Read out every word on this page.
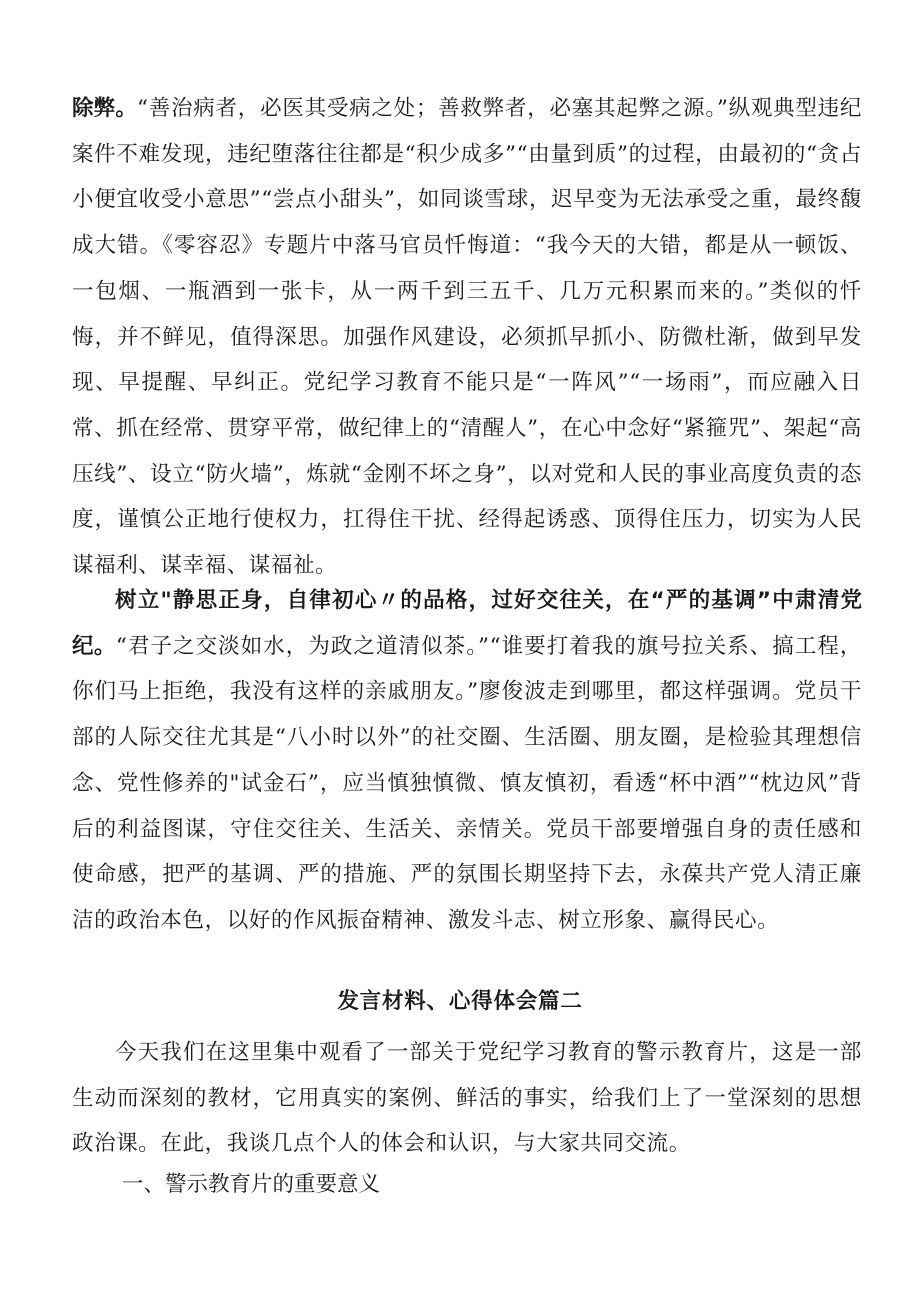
除弊。“善治病者，必医其受病之处；善救弊者，必塞其起弊之源。”纵观典型违纪案件不难发现，违纪堕落往往都是“积少成多”“由量到质”的过程，由最初的“贪占小便宜收受小意思”“尝点小甜头”，如同谈雪球，迟早变为无法承受之重，最终馥成大错。《零容忍》专题片中落马官员忏悔道：“我今天的大错，都是从一顿饭、一包烟、一瓶酒到一张卡，从一两千到三五千、几万元积累而来的。”类似的忏悔，并不鲜见，值得深思。加强作风建设，必须抓早抓小、防微杜渐，做到早发现、早提醒、早纠正。党纪学习教育不能只是“一阵风”“一场雨”，而应融入日常、抓在经常、贯穿平常，做纪律上的“清醒人”，在心中念好“紧箍咒”、架起“高压线”、设立“防火墙”，炼就“金刚不坏之身”，以对党和人民的事业高度负责的态度，谨慎公正地行使权力，扛得住干扰、经得起诱惑、顶得住压力，切实为人民谋福利、谋幸福、谋福祉。

树立"静思正身，自律初心〃的品格，过好交往关，在“严的基调”中肃清党纪。“君子之交淡如水，为政之道清似茶。”“谁要打着我的旗号拉关系、搞工程，你们马上拒绝，我没有这样的亲戚朋友。”廖俊波走到哪里，都这样强调。党员干部的人际交往尤其是“八小时以外”的社交圈、生活圈、朋友圈，是检验其理想信念、党性修养的"试金石”，应当慎独慎微、慎友慎初，看透“杯中酒”“枕边风”背后的利益图谋，守住交往关、生活关、亲情关。党员干部要增强自身的责任感和使命感，把严的基调、严的措施、严的氛围长期坚持下去，永葆共产党人清正廉洁的政治本色，以好的作风振奋精神、激发斗志、树立形象、赢得民心。

发言材料、心得体会篇二

今天我们在这里集中观看了一部关于党纪学习教育的警示教育片，这是一部生动而深刻的教材，它用真实的案例、鲜活的事实，给我们上了一堂深刻的思想政治课。在此，我谈几点个人的体会和认识，与大家共同交流。

一、警示教育片的重要意义
